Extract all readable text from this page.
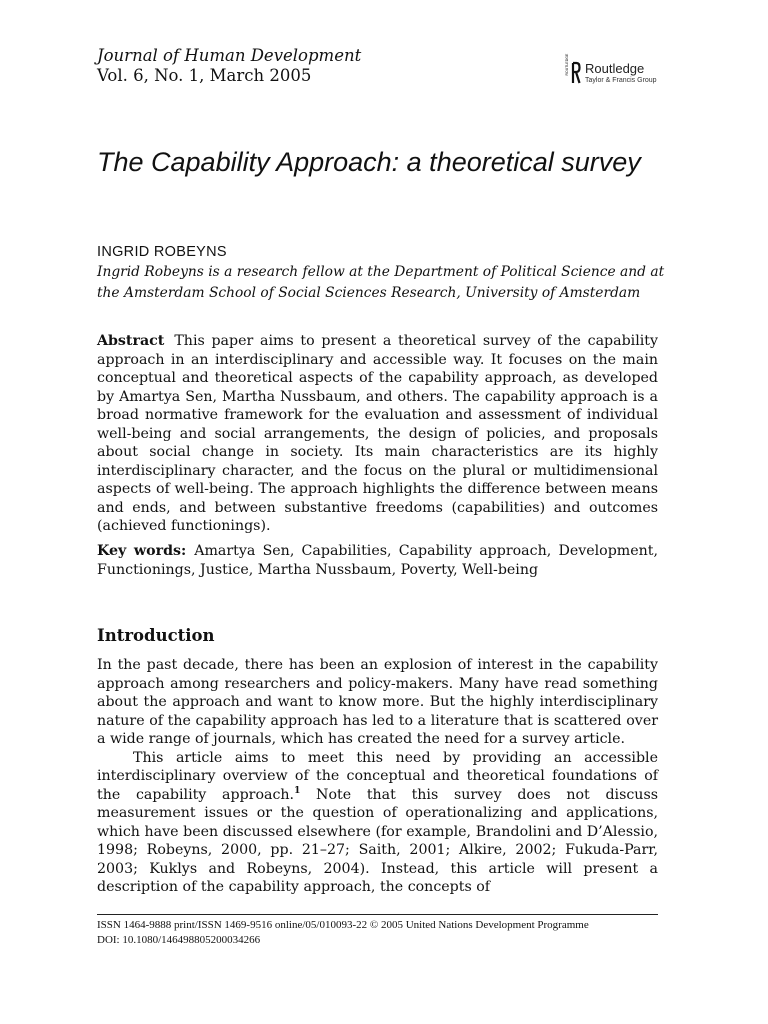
Journal of Human Development
Vol. 6, No. 1, March 2005	ROUTLEDGE Routledge
Taylor & Francis Group
The Capability Approach: a theoretical survey
INGRID ROBEYNS
Ingrid Robeyns is a research fellow at the Department of Political Science and at the Amsterdam School of Social Sciences Research, University of Amsterdam

Abstract This paper aims to present a theoretical survey of the capability approach in an interdisciplinary and accessible way. It focuses on the main conceptual and theoretical aspects of the capability approach, as developed by Amartya Sen, Martha Nussbaum, and others. The capability approach is a broad normative framework for the evaluation and assessment of individual well-being and social arrangements, the design of policies, and proposals about social change in society. Its main characteristics are its highly interdisciplinary character, and the focus on the plural or multidimensional aspects of well-being. The approach highlights the difference between means and ends, and between substantive freedoms (capabilities) and outcomes (achieved functionings).

Key words: Amartya Sen, Capabilities, Capability approach, Development, Functionings, Justice, Martha Nussbaum, Poverty, Well-being

Introduction

In the past decade, there has been an explosion of interest in the capability approach among researchers and policy-makers. Many have read something about the approach and want to know more. But the highly interdisciplinary nature of the capability approach has led to a literature that is scattered over a wide range of journals, which has created the need for a survey article.

This article aims to meet this need by providing an accessible interdisciplinary overview of the conceptual and theoretical foundations of the capability approach.$^1$ Note that this survey does not discuss measurement issues or the question of operationalizing and applications, which have been discussed elsewhere (for example, Brandolini and D’Alessio, 1998; Robeyns, 2000, pp. 21–27; Saith, 2001; Alkire, 2002; Fukuda-Parr, 2003; Kuklys and Robeyns, 2004). Instead, this article will present a description of the capability approach, the concepts of

ISSN 1464-9888 print/ISSN 1469-9516 online/05/010093-22 © 2005 United Nations Development Programme
DOI: 10.1080/146498805200034266
